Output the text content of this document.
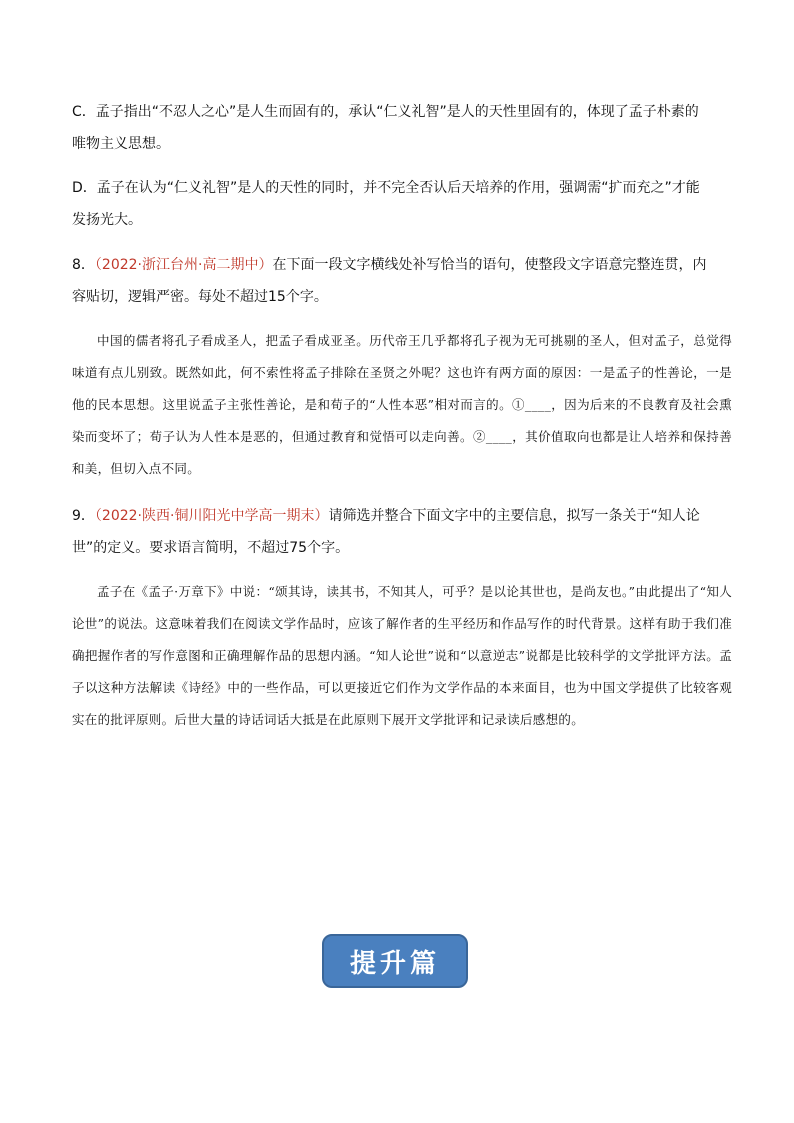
C．孟子指出“不忍人之心”是人生而固有的，承认“仁义礼智”是人的天性里固有的，体现了孟子朴素的
唯物主义思想。

D．孟子在认为“仁义礼智”是人的天性的同时，并不完全否认后天培养的作用，强调需“扩而充之”才能
发扬光大。

8．（2022·浙江台州·高二期中）在下面一段文字横线处补写恰当的语句，使整段文字语意完整连贯，内
容贴切，逻辑严密。每处不超过15个字。

中国的儒者将孔子看成圣人，把孟子看成亚圣。历代帝王几乎都将孔子视为无可挑剔的圣人，但对孟子，总觉得味道有点儿别致。既然如此，何不索性将孟子排除在圣贤之外呢？这也许有两方面的原因：一是孟子的性善论，一是他的民本思想。这里说孟子主张性善论，是和荀子的“人性本恶”相对而言的。①____，因为后来的不良教育及社会熏染而变坏了；荀子认为人性本是恶的，但通过教育和觉悟可以走向善。②____，其价值取向也都是让人培养和保持善和美，但切入点不同。

9．（2022·陕西·铜川阳光中学高一期末）请筛选并整合下面文字中的主要信息，拟写一条关于“知人论
世”的定义。要求语言简明，不超过75个字。

孟子在《孟子·万章下》中说：“颂其诗，读其书，不知其人，可乎？是以论其世也，是尚友也。”由此提出了“知人论世”的说法。这意味着我们在阅读文学作品时，应该了解作者的生平经历和作品写作的时代背景。这样有助于我们准确把握作者的写作意图和正确理解作品的思想内涵。“知人论世”说和“以意逆志”说都是比较科学的文学批评方法。孟子以这种方法解读《诗经》中的一些作品，可以更接近它们作为文学作品的本来面目，也为中国文学提供了比较客观实在的批评原则。后世大量的诗话词话大抵是在此原则下展开文学批评和记录读后感想的。

提升篇
